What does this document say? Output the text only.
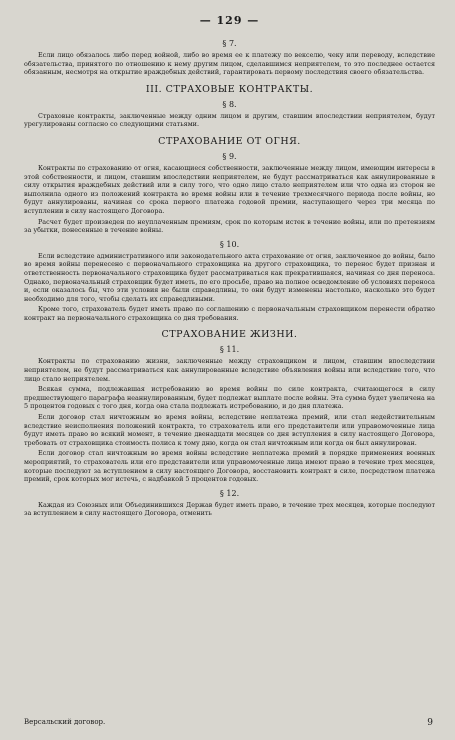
— 129 —
§ 7.

Если лицо обязалось либо перед войной, либо во время ее к платежу по векселю, чеку или переводу, вследствие обязательства, принятого по отношению к нему другим лицом, сделавшимся неприятелем, то это последнее остается обязанным, несмотря на открытие враждебных действий, гарантировать первому последствия своего обязательства.

III. СТРАХОВЫЕ КОНТРАКТЫ.
§ 8.

Страховые контракты, заключенные между одним лицом и другим, ставшим впоследствии неприятелем, будут урегулированы согласно со следующими статьями.

СТРАХОВАНИЕ ОТ ОГНЯ.
§ 9.

Контракты по страхованию от огня, касающиеся собственности, заключенные между лицом, имеющим интересы в этой собственности, и лицом, ставшим впоследствии неприятелем, не будут рассматриваться как аннулированные в силу открытия враждебных действий или в силу того, что одно лицо стало неприятелем или что одна из сторон не выполнила одного из положений контракта во время войны или в течение трехмесячного периода после войны, но будут аннулированы, начиная со срока первого платежа годовой премии, наступающего через три месяца по вступлении в силу настоящего Договора.

Расчет будет произведен по неуплаченным премиям, срок по которым истек в течение войны, или по претензиям за убытки, понесенные в течение войны.

§ 10.

Если вследствие административного или законодательного акта страхование от огня, заключенное до войны, было во время войны перенесено с первоначального страховщика на другого страховщика, то перенос будет признан и ответственность первоначального страховщика будет рассматриваться как прекратившаяся, начиная со дня переноса. Однако, первоначальный страховщик будет иметь, по его просьбе, право на полное осведомление об условиях переноса и, если оказалось бы, что эти условия не были справедливы, то они будут изменены настолько, насколько это будет необходимо для того, чтобы сделать их справедливыми.

Кроме того, страхователь будет иметь право по соглашению с первоначальным страховщиком перенести обратно контракт на первоначального страховщика со дня требования.

СТРАХОВАНИЕ ЖИЗНИ.
§ 11.

Контракты по страхованию жизни, заключенные между страховщиком и лицом, ставшим впоследствии неприятелем, не будут рассматриваться как аннулированные вследствие объявления войны или вследствие того, что лицо стало неприятелем.

Всякая сумма, подлежавшая истребованию во время войны по силе контракта, считающегося в силу предшествующего параграфа неаннулированным, будет подлежат выплате после войны. Эта сумма будет увеличена на 5 процентов годовых с того дня, когда она стала подлежать истребованию, и до дня платежа.

Если договор стал ничтожным во время войны, вследствие неплатежа премий, или стал недействительным вследствие неисполнения положений контракта, то страхователь или его представители или управомоченные лица будут иметь право во всякий момент, в течение двенадцати месяцев со дня вступления в силу настоящего Договора, требовать от страховщика стоимость полиса к тому дню, когда он стал ничтожным или когда он был аннулирован.

Если договор стал ничтожным во время войны вследствие неплатежа премий в порядке применения военных мероприятий, то страхователь или его представители или управомоченные лица имеют право в течение трех месяцев, которые последуют за вступлением в силу настоящего Договора, восстановить контракт в силе, посредством платежа премий, срок которых мог истечь, с надбавкой 5 процентов годовых.

§ 12.

Каждая из Союзных или Объединившихся Держав будет иметь право, в течение трех месяцев, которые последуют за вступлением в силу настоящего Договора, отменить

Версальский договор.	9
